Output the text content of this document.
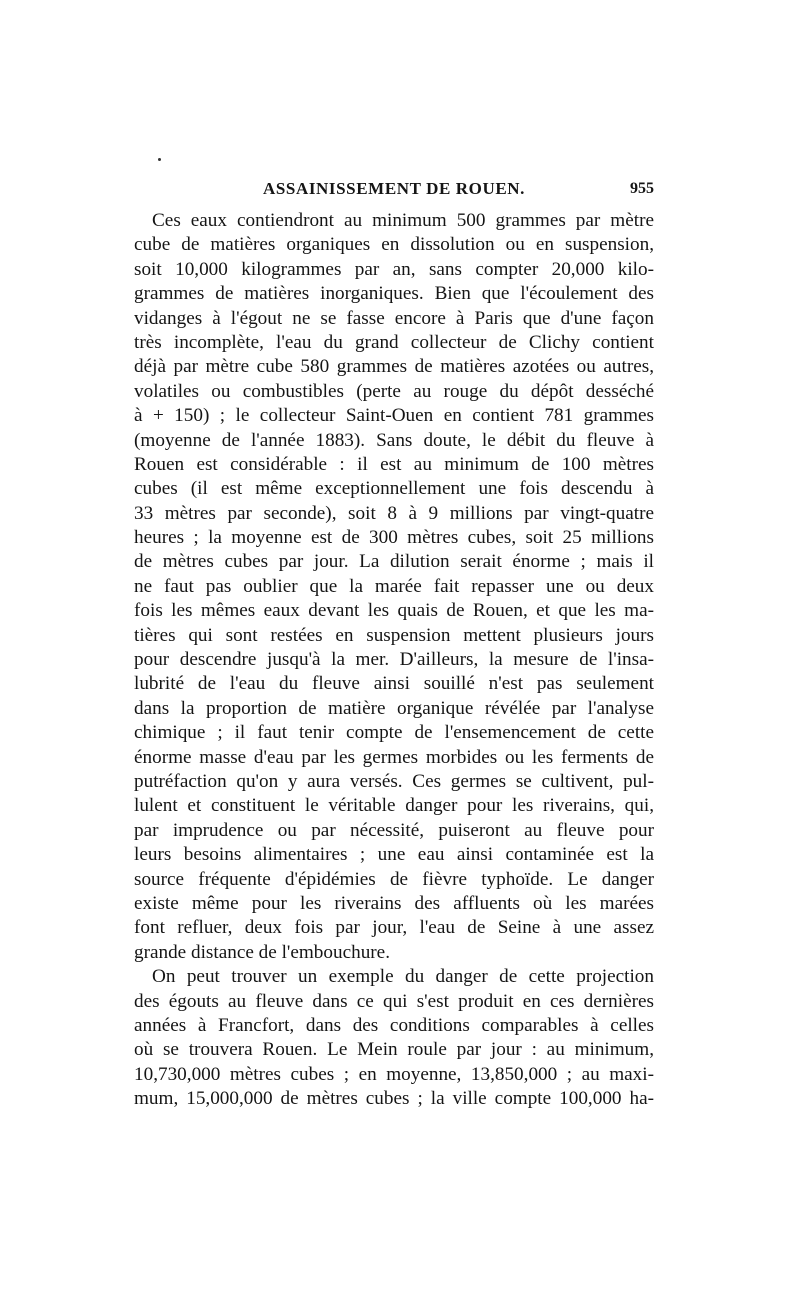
ASSAINISSEMENT DE ROUEN.	955
Ces eaux contiendront au minimum 500 grammes par mètre
cube de matières organiques en dissolution ou en suspension,
soit 10,000 kilogrammes par an, sans compter 20,000 kilo-
grammes de matières inorganiques. Bien que l'écoulement des
vidanges à l'égout ne se fasse encore à Paris que d'une façon
très incomplète, l'eau du grand collecteur de Clichy contient
déjà par mètre cube 580 grammes de matières azotées ou autres,
volatiles ou combustibles (perte au rouge du dépôt desséché
à + 150) ; le collecteur Saint-Ouen en contient 781 grammes
(moyenne de l'année 1883). Sans doute, le débit du fleuve à
Rouen est considérable : il est au minimum de 100 mètres
cubes (il est même exceptionnellement une fois descendu à
33 mètres par seconde), soit 8 à 9 millions par vingt-quatre
heures ; la moyenne est de 300 mètres cubes, soit 25 millions
de mètres cubes par jour. La dilution serait énorme ; mais il
ne faut pas oublier que la marée fait repasser une ou deux
fois les mêmes eaux devant les quais de Rouen, et que les ma-
tières qui sont restées en suspension mettent plusieurs jours
pour descendre jusqu'à la mer. D'ailleurs, la mesure de l'insa-
lubrité de l'eau du fleuve ainsi souillé n'est pas seulement
dans la proportion de matière organique révélée par l'analyse
chimique ; il faut tenir compte de l'ensemencement de cette
énorme masse d'eau par les germes morbides ou les ferments de
putréfaction qu'on y aura versés. Ces germes se cultivent, pul-
lulent et constituent le véritable danger pour les riverains, qui,
par imprudence ou par nécessité, puiseront au fleuve pour
leurs besoins alimentaires ; une eau ainsi contaminée est la
source fréquente d'épidémies de fièvre typhoïde. Le danger
existe même pour les riverains des affluents où les marées
font refluer, deux fois par jour, l'eau de Seine à une assez
grande distance de l'embouchure.
On peut trouver un exemple du danger de cette projection
des égouts au fleuve dans ce qui s'est produit en ces dernières
années à Francfort, dans des conditions comparables à celles
où se trouvera Rouen. Le Mein roule par jour : au minimum,
10,730,000 mètres cubes ; en moyenne, 13,850,000 ; au maxi-
mum, 15,000,000 de mètres cubes ; la ville compte 100,000 ha-
